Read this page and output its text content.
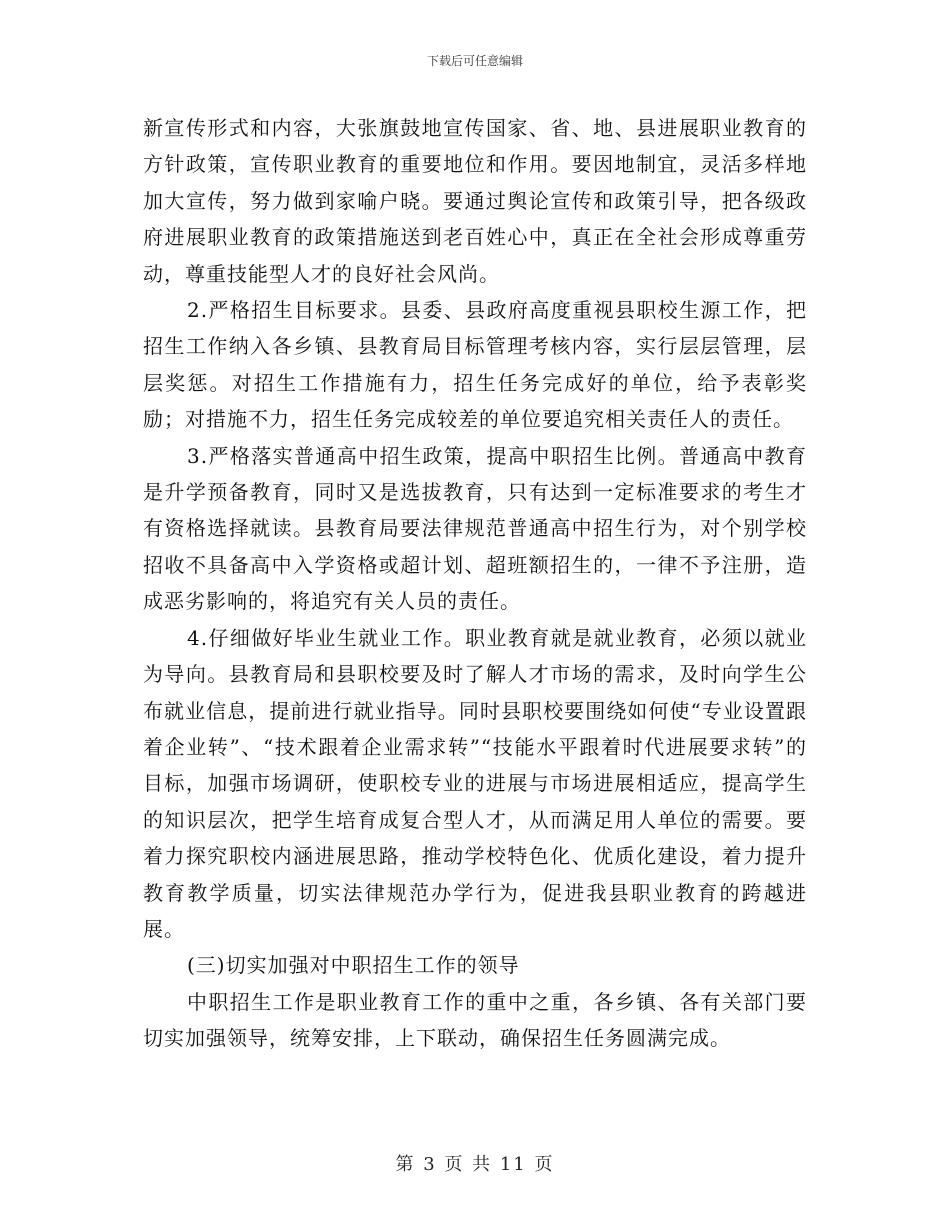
下载后可任意编辑

新宣传形式和内容，大张旗鼓地宣传国家、省、地、县进展职业教育的方针政策，宣传职业教育的重要地位和作用。要因地制宜，灵活多样地加大宣传，努力做到家喻户晓。要通过舆论宣传和政策引导，把各级政府进展职业教育的政策措施送到老百姓心中，真正在全社会形成尊重劳动，尊重技能型人才的良好社会风尚。

2.严格招生目标要求。县委、县政府高度重视县职校生源工作，把招生工作纳入各乡镇、县教育局目标管理考核内容，实行层层管理，层层奖惩。对招生工作措施有力，招生任务完成好的单位，给予表彰奖励；对措施不力，招生任务完成较差的单位要追究相关责任人的责任。

3.严格落实普通高中招生政策，提高中职招生比例。普通高中教育是升学预备教育，同时又是选拔教育，只有达到一定标准要求的考生才有资格选择就读。县教育局要法律规范普通高中招生行为，对个别学校招收不具备高中入学资格或超计划、超班额招生的，一律不予注册，造成恶劣影响的，将追究有关人员的责任。

4.仔细做好毕业生就业工作。职业教育就是就业教育，必须以就业为导向。县教育局和县职校要及时了解人才市场的需求，及时向学生公布就业信息，提前进行就业指导。同时县职校要围绕如何使“专业设置跟着企业转”、“技术跟着企业需求转”“技能水平跟着时代进展要求转”的目标，加强市场调研，使职校专业的进展与市场进展相适应，提高学生的知识层次，把学生培育成复合型人才，从而满足用人单位的需要。要着力探究职校内涵进展思路，推动学校特色化、优质化建设，着力提升教育教学质量，切实法律规范办学行为，促进我县职业教育的跨越进展。

(三)切实加强对中职招生工作的领导

中职招生工作是职业教育工作的重中之重，各乡镇、各有关部门要切实加强领导，统筹安排，上下联动，确保招生任务圆满完成。

第 3 页 共 11 页
